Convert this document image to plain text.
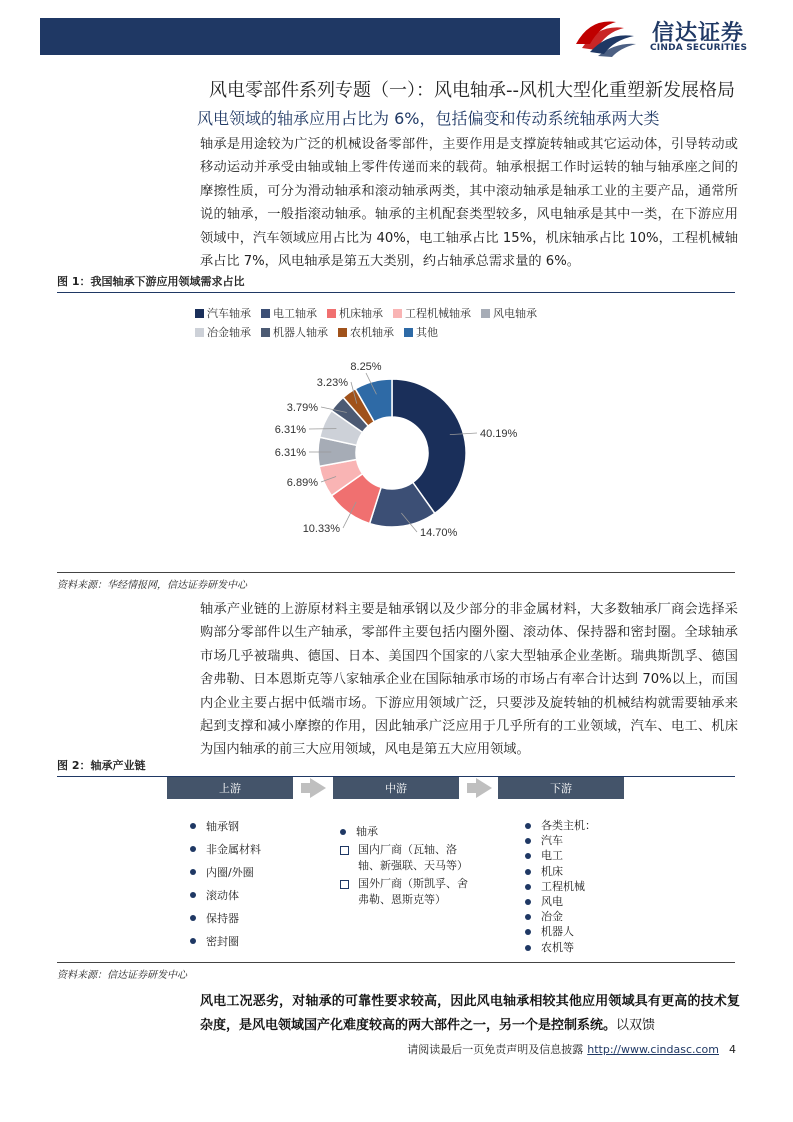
信达证券
CINDA SECURITIES
风电零部件系列专题（一）：风电轴承--风机大型化重塑新发展格局
风电领域的轴承应用占比为 6%，包括偏变和传动系统轴承两大类
轴承是用途较为广泛的机械设备零部件，主要作用是支撑旋转轴或其它运动体，引导转动或移动运动并承受由轴或轴上零件传递而来的载荷。轴承根据工作时运转的轴与轴承座之间的摩擦性质，可分为滑动轴承和滚动轴承两类，其中滚动轴承是轴承工业的主要产品，通常所说的轴承，一般指滚动轴承。轴承的主机配套类型较多，风电轴承是其中一类，在下游应用领域中，汽车领域应用占比为 40%，电工轴承占比 15%，机床轴承占比 10%，工程机械轴承占比 7%，风电轴承是第五大类别，约占轴承总需求量的 6%。
图 1：我国轴承下游应用领域需求占比
汽车轴承 电工轴承 机床轴承 工程机械轴承 风电轴承

冶金轴承 机器人轴承 农机轴承 其他
40.19%
14.70%
10.33%
6.89%
6.31%
6.31%
3.79%
3.23%
8.25%
资料来源：华经情报网，信达证券研发中心
轴承产业链的上游原材料主要是轴承钢以及少部分的非金属材料，大多数轴承厂商会选择采购部分零部件以生产轴承，零部件主要包括内圈外圈、滚动体、保持器和密封圈。全球轴承市场几乎被瑞典、德国、日本、美国四个国家的八家大型轴承企业垄断。瑞典斯凯孚、德国舍弗勒、日本恩斯克等八家轴承企业在国际轴承市场的市场占有率合计达到 70%以上，而国内企业主要占据中低端市场。下游应用领域广泛，只要涉及旋转轴的机械结构就需要轴承来起到支撑和减小摩擦的作用，因此轴承广泛应用于几乎所有的工业领域，汽车、电工、机床为国内轴承的前三大应用领域，风电是第五大应用领域。
图 2：轴承产业链
上游	中游	下游
轴承钢
非金属材料
内圈/外圈
滚动体
保持器
密封圈
轴承
国内厂商（瓦轴、洛轴、新强联、天马等）
国外厂商（斯凯孚、舍弗勒、恩斯克等）
各类主机：
汽车
电工
机床
工程机械
风电
冶金
机器人
农机等
资料来源：信达证券研发中心
风电工况恶劣，对轴承的可靠性要求较高，因此风电轴承相较其他应用领域具有更高的技术复杂度，是风电领域国产化难度较高的两大部件之一，另一个是控制系统。以双馈
请阅读最后一页免责声明及信息披露 http://www.cindasc.com 4
